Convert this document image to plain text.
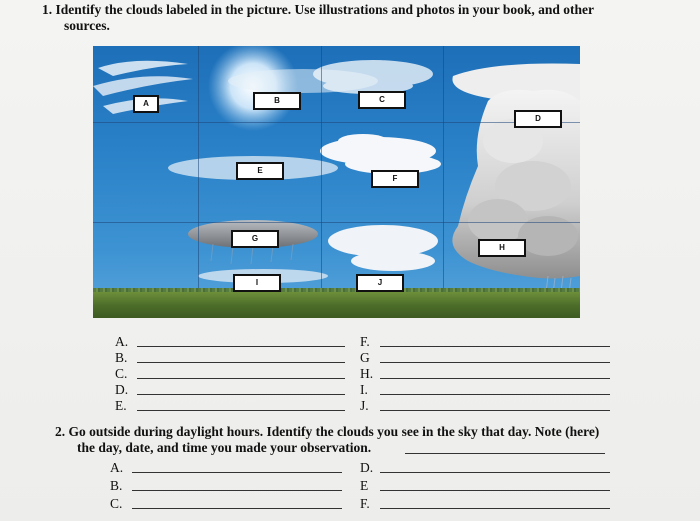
1. Identify the clouds labeled in the picture. Use illustrations and photos in your book, and other
sources.
A	B	C
D
E
F
G
H
I	J
A.
B.
C.
D.
E.
F.
G
H.
I.
J.
2. Go outside during daylight hours. Identify the clouds you see in the sky that day. Note (here)
the day, date, and time you made your observation.
A.
B.
C.
D.
E
F.
